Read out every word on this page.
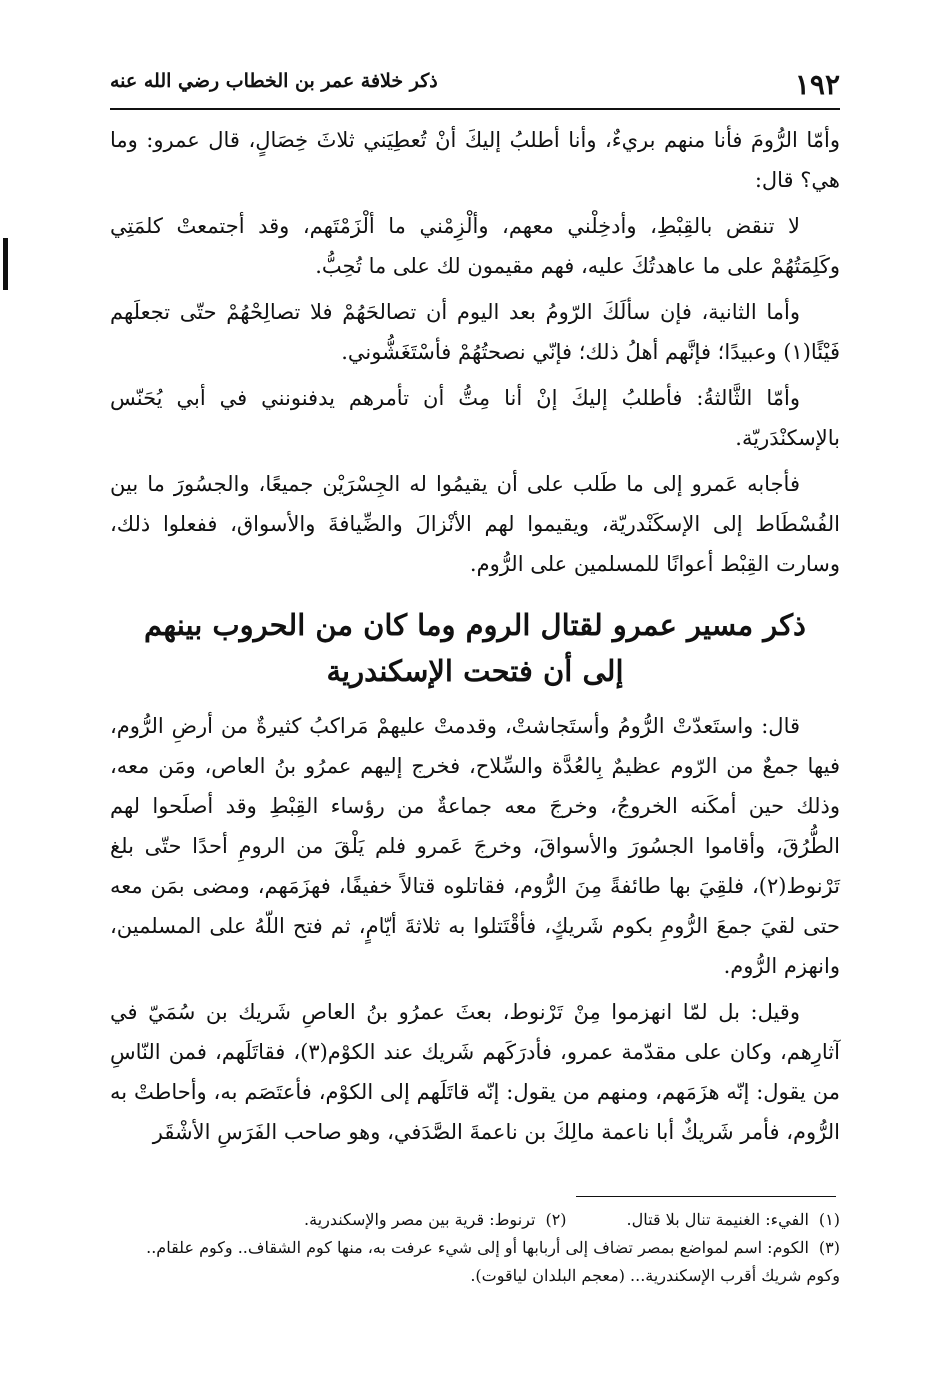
١٩٢
ذكر خلافة عمر بن الخطاب رضي الله عنه

وأمّا الرُّومَ فأنا منهم بريءٌ، وأنا أطلبُ إليكَ أنْ تُعطِيَني ثلاثَ خِصَالٍ، قال عمرو: وما هي؟ قال:

لا تنقض بالقِبْطِ، وأدخِلْني معهم، وألْزِمْني ما ألْزَمْتَهم، وقد أجتمعتْ كلمَتِي وكَلِمَتُهُمْ على ما عاهدتُكَ عليه، فهم مقيمون لك على ما تُحِبُّ.

وأما الثانية، فإن سألَكَ الرّومُ بعد اليوم أن تصالحَهُمْ فلا تصالِحْهُمْ حتّى تجعلَهم فَيْئًا(١) وعبيدًا؛ فإنَّهم أهلُ ذلك؛ فإنّي نصحتُهُمْ فأسْتَغَشُّوني.

وأمّا الثَّالثةُ: فأطلبُ إليكَ إنْ أنا مِتُّ أن تأمرهم يدفنونني في أبي يُحَنّس بالإسكنْدَريّة.

فأجابه عَمرو إلى ما طَلب على أن يقيمُوا له الجِسْرَيْن جميعًا، والجسُورَ ما بين الفُسْطَاط إلى الإسكَنْدريّة، ويقيموا لهم الأنْزالَ والضِّيافةَ والأسواق، ففعلوا ذلك، وسارت القِبْط أعوانًا للمسلمين على الرُّوم.

ذكر مسير عمرو لقتال الروم وما كان من الحروب بينهم
إلى أن فتحت الإسكندرية

قال: واستَعدّتْ الرُّومُ وأستَجاشتْ، وقدمتْ عليهمْ مَراكبُ كثيرةٌ من أرضِ الرُّوم، فيها جمعٌ من الرّوم عظيمٌ بِالعُدَّة والسِّلاح، فخرج إليهم عمرُو بنُ العاص، ومَن معه، وذلك حين أمكَنه الخروجُ، وخرجَ معه جماعةٌ من رؤساء القِبْطِ وقد أصلَحوا لهم الطُّرُقَ، وأقاموا الجسُورَ والأسواقَ، وخرجَ عَمرو فلم يَلْقَ من الرومِ أحدًا حتّى بلغ تَرْنوط(٢)، فلقِيَ بها طائفةً مِنَ الرُّوم، فقاتلوه قتالاً خفيفًا، فهزَمَهم، ومضى بمَن معه حتى لقيَ جمعَ الرُّومِ بكوم شَريكٍ، فأقْتَتلوا به ثلاثةَ أيّامٍ، ثم فتح اللّهُ على المسلمين، وانهزم الرُّوم.

وقيل: بل لمّا انهزموا مِنْ تَرْنوط، بعثَ عمرُو بنُ العاصِ شَريك بن سُمَيّ في آثارِهم، وكان على مقدّمة عمرو، فأدرَكَهم شَريك عند الكوْم(٣)، فقاتَلَهم، فمن النّاسِ من يقول: إنّه هزَمَهم، ومنهم من يقول: إنّه قاتَلَهم إلى الكوْم، فأعتَصَم به، وأحاطتْ به الرُّوم، فأمر شَريكٌ أبا ناعمة مالِكَ بن ناعمةَ الصَّدَفي، وهو صاحب الفَرَسِ الأشْقَر

(١)الفيء: الغنيمة تنال بلا قتال.

(٢)ترنوط: قرية بين مصر والإسكندرية.

(٣)الكوم: اسم لمواضع بمصر تضاف إلى أربابها أو إلى شيء عرفت به، منها كوم الشقاف.. وكوم علقام.. وكوم شريك أقرب الإسكندرية... (معجم البلدان لياقوت).
